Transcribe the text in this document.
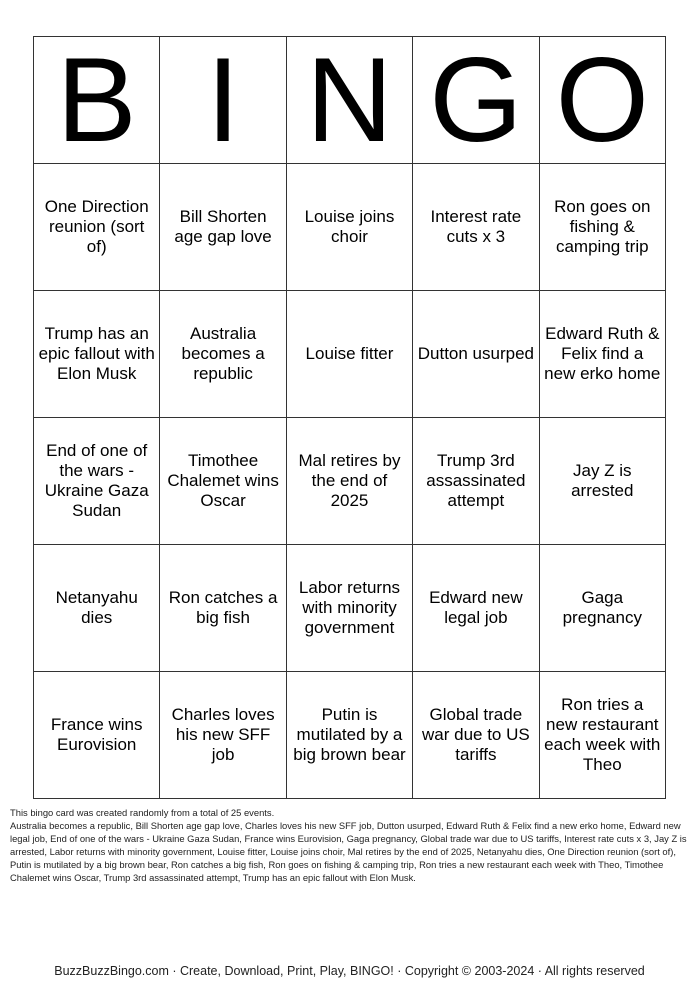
B	I	N	G	O
One Direction reunion (sort of)	Bill Shorten age gap love	Louise joins choir	Interest rate cuts x 3	Ron goes on fishing & camping trip
Trump has an epic fallout with Elon Musk	Australia becomes a republic	Louise fitter	Dutton usurped	Edward Ruth & Felix find a new erko home
End of one of the wars - Ukraine Gaza Sudan	Timothee Chalemet wins Oscar	Mal retires by the end of 2025	Trump 3rd assassinated attempt	Jay Z is arrested
Netanyahu dies	Ron catches a big fish	Labor returns with minority government	Edward new legal job	Gaga pregnancy
France wins Eurovision	Charles loves his new SFF job	Putin is mutilated by a big brown bear	Global trade war due to US tariffs	Ron tries a new restaurant each week with Theo

This bingo card was created randomly from a total of 25 events.

Australia becomes a republic, Bill Shorten age gap love, Charles loves his new SFF job, Dutton usurped, Edward Ruth & Felix find a new erko home, Edward new legal job, End of one of the wars - Ukraine Gaza Sudan, France wins Eurovision, Gaga pregnancy, Global trade war due to US tariffs, Interest rate cuts x 3, Jay Z is arrested, Labor returns with minority government, Louise fitter, Louise joins choir, Mal retires by the end of 2025, Netanyahu dies, One Direction reunion (sort of), Putin is mutilated by a big brown bear, Ron catches a big fish, Ron goes on fishing & camping trip, Ron tries a new restaurant each week with Theo, Timothee Chalemet wins Oscar, Trump 3rd assassinated attempt, Trump has an epic fallout with Elon Musk.

BuzzBuzzBingo.com · Create, Download, Print, Play, BINGO! · Copyright © 2003-2024 · All rights reserved
